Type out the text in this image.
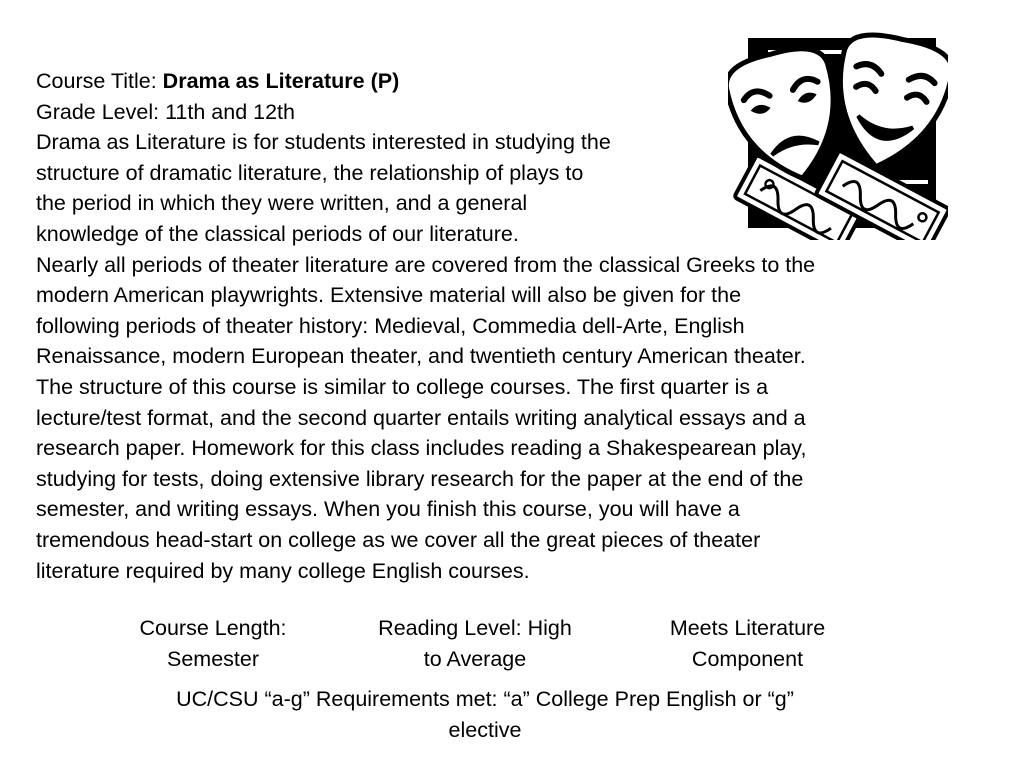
Course Title: Drama as Literature (P)
Grade Level: 11th and 12th
Drama as Literature is for students interested in studying the
structure of dramatic literature, the relationship of plays to
the period in which they were written, and a general
knowledge of the classical periods of our literature.
Nearly all periods of theater literature are covered from the classical Greeks to the
modern American playwrights. Extensive material will also be given for the
following periods of theater history: Medieval, Commedia dell-Arte, English
Renaissance, modern European theater, and twentieth century American theater.
The structure of this course is similar to college courses. The first quarter is a
lecture/test format, and the second quarter entails writing analytical essays and a
research paper. Homework for this class includes reading a Shakespearean play,
studying for tests, doing extensive library research for the paper at the end of the
semester, and writing essays. When you finish this course, you will have a
tremendous head-start on college as we cover all the great pieces of theater
literature required by many college English courses.
Course Length:
Semester
Reading Level: High
to Average
Meets Literature
Component
UC/CSU “a-g” Requirements met: “a” College Prep English or “g”
elective
